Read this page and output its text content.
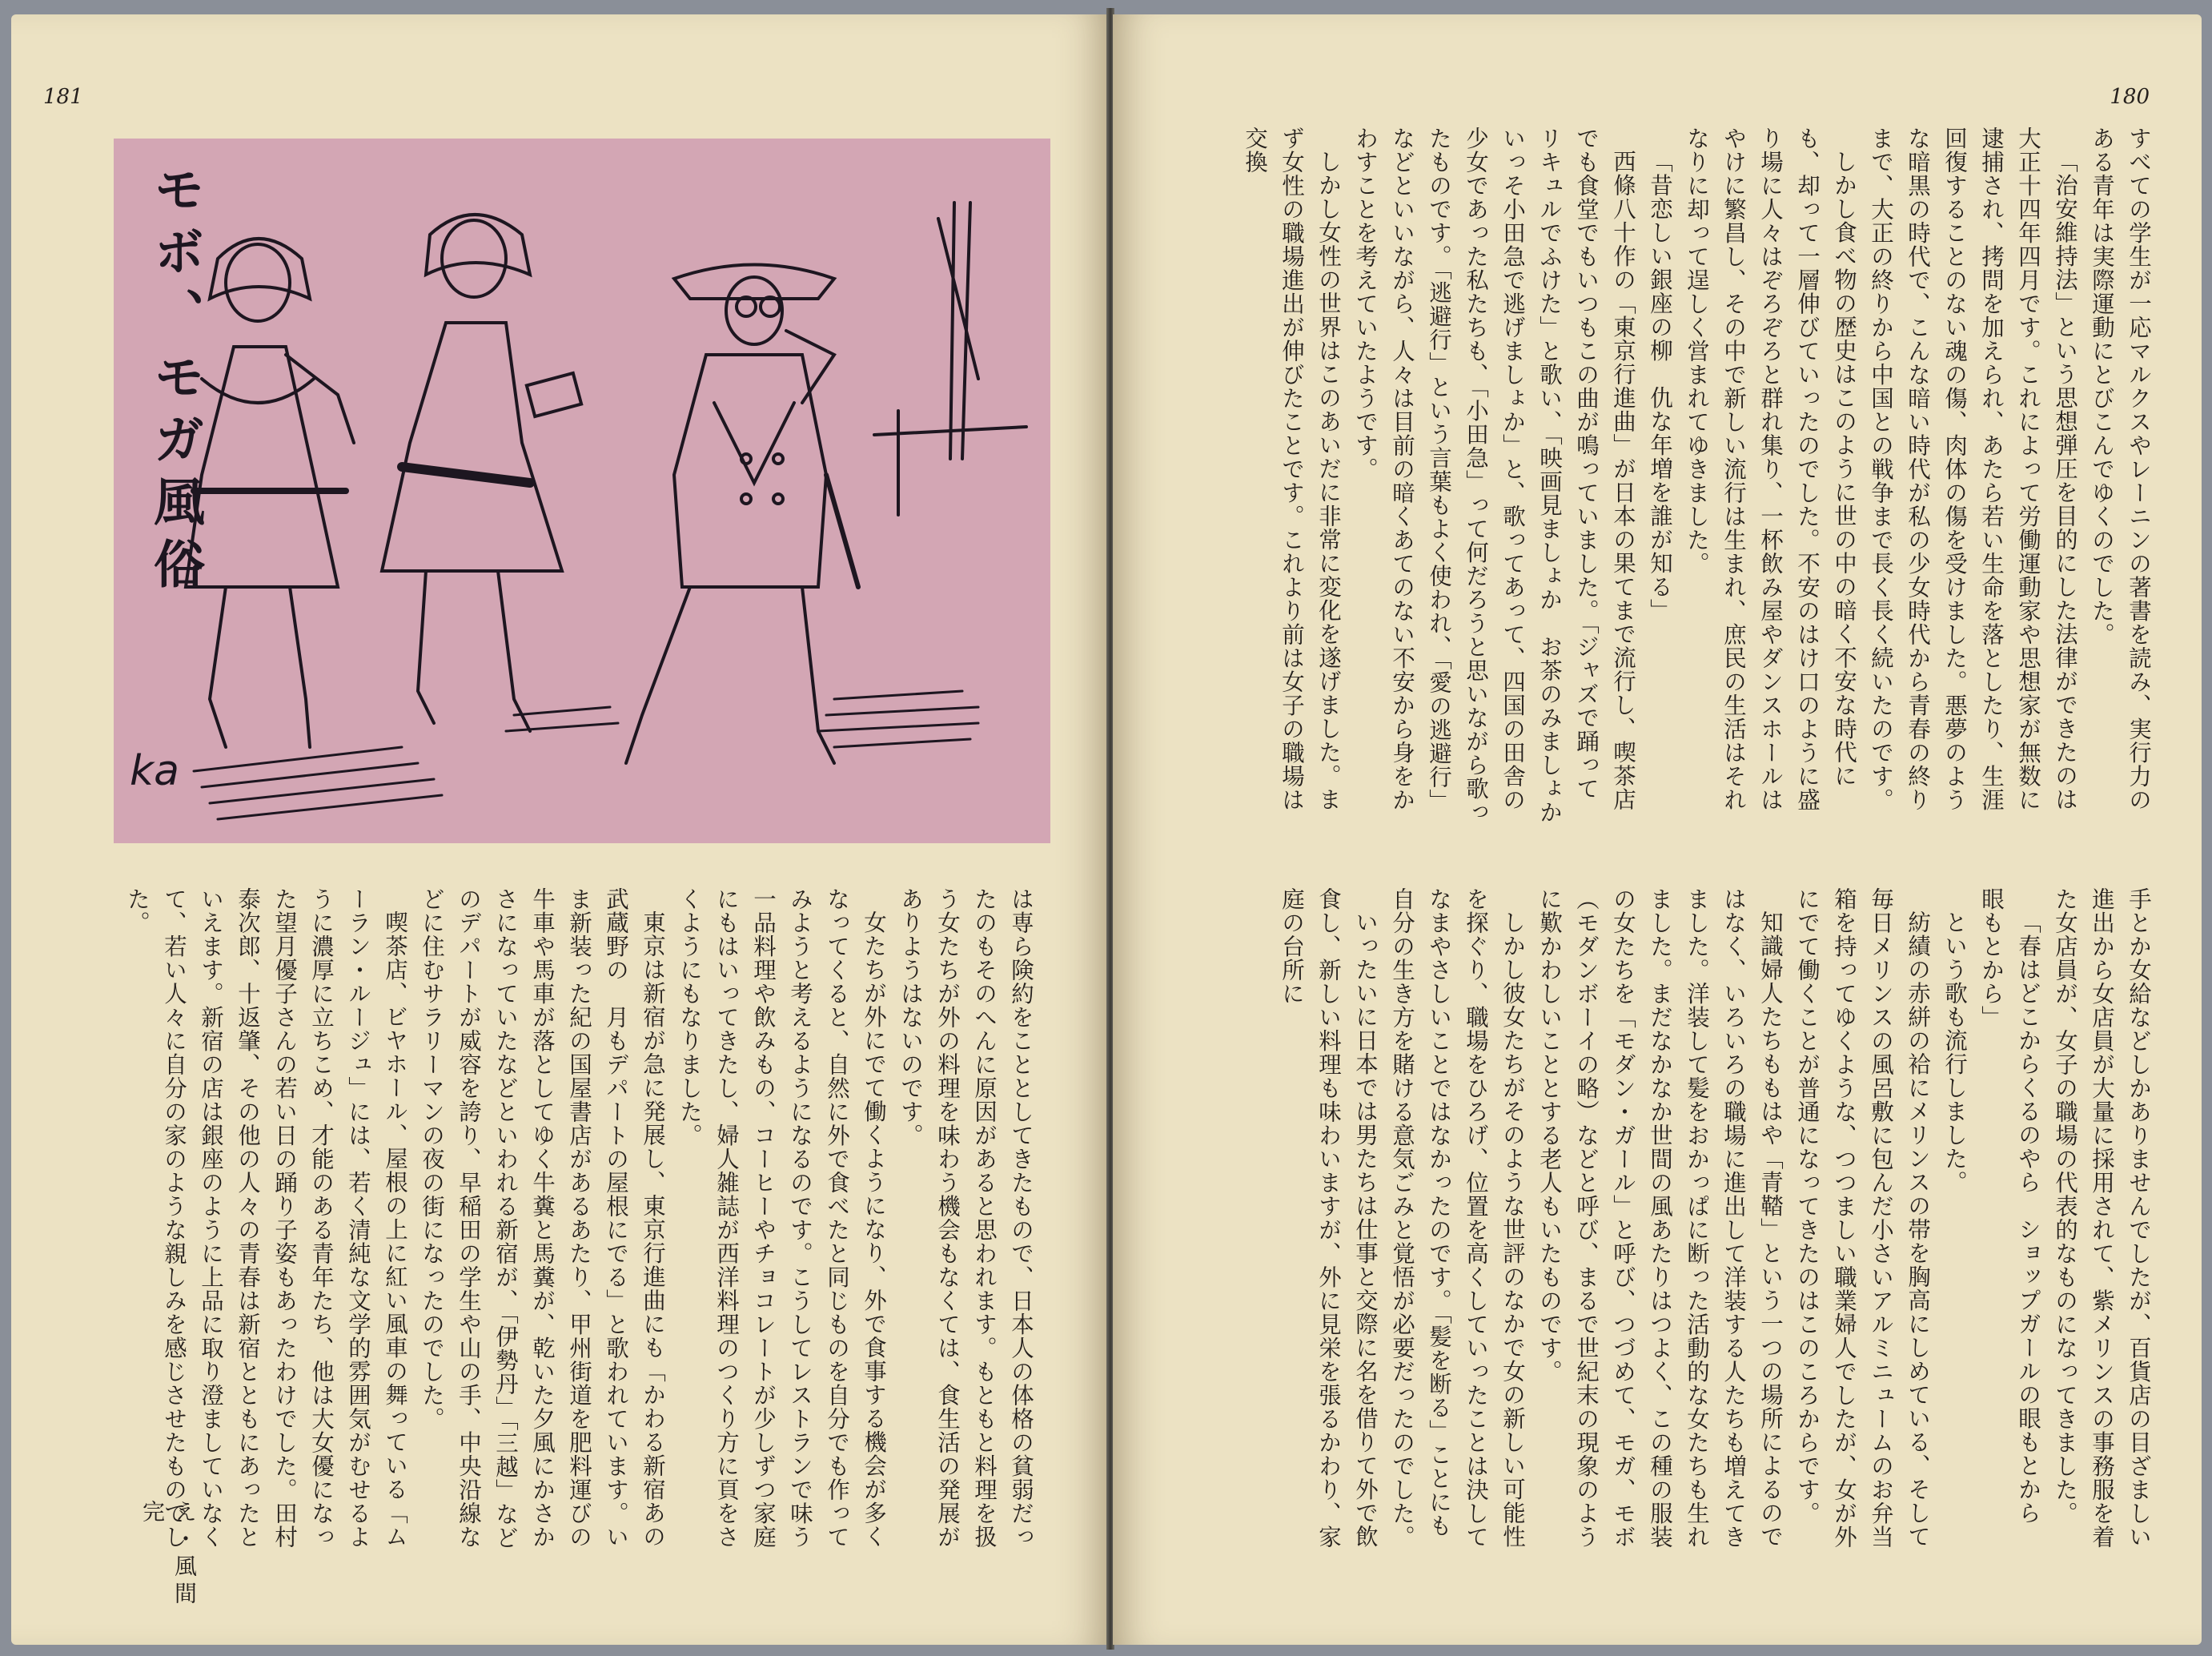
181
モボ、モガ風俗
ka

は専ら険約をこととしてきたもので、日本人の体格の貧弱だったのもそのへんに原因があると思われます。もともと料理を扱う女たちが外の料理を味わう機会もなくては、食生活の発展がありようはないのです。

女たちが外にでて働くようになり、外で食事する機会が多くなってくると、自然に外で食べたと同じものを自分でも作ってみようと考えるようになるのです。こうしてレストランで味う一品料理や飲みもの、コーヒーやチョコレートが少しずつ家庭にもはいってきたし、婦人雑誌が西洋料理のつくり方に頁をさくようにもなりました。

東京は新宿が急に発展し、東京行進曲にも「かわる新宿あの武蔵野の　月もデパートの屋根にでる」と歌われています。いま新装った紀の国屋書店があるあたり、甲州街道を肥料運びの牛車や馬車が落としてゆく牛糞と馬糞が、乾いた夕風にかさかさになっていたなどといわれる新宿が、「伊勢丹」「三越」などのデパートが威容を誇り、早稲田の学生や山の手、中央沿線などに住むサラリーマンの夜の街になったのでした。

喫茶店、ビヤホール、屋根の上に紅い風車の舞っている「ムーラン・ルージュ」には、若く清純な文学的雰囲気がむせるように濃厚に立ちこめ、才能のある青年たち、他は大女優になった望月優子さんの若い日の踊り子姿もあったわけでした。田村泰次郎、十返肇、その他の人々の青春は新宿とともにあったといえます。新宿の店は銀座のように上品に取り澄ましていなくて、若い人々に自分の家のような親しみを感じさせたものでした。

え・風間　完
180

すべての学生が一応マルクスやレーニンの著書を読み、実行力のある青年は実際運動にとびこんでゆくのでした。

「治安維持法」という思想弾圧を目的にした法律ができたのは大正十四年四月です。これによって労働運動家や思想家が無数に逮捕され、拷問を加えられ、あたら若い生命を落としたり、生涯回復することのない魂の傷、肉体の傷を受けました。悪夢のような暗黒の時代で、こんな暗い時代が私の少女時代から青春の終りまで、大正の終りから中国との戦争まで長く長く続いたのです。

しかし食べ物の歴史はこのように世の中の暗く不安な時代にも、却って一層伸びていったのでした。不安のはけ口のように盛り場に人々はぞろぞろと群れ集り、一杯飲み屋やダンスホールはやけに繁昌し、その中で新しい流行は生まれ、庶民の生活はそれなりに却って逞しく営まれてゆきました。

「昔恋しい銀座の柳　仇な年増を誰が知る」

西條八十作の「東京行進曲」が日本の果てまで流行し、喫茶店でも食堂でもいつもこの曲が鳴っていました。「ジャズで踊って　リキュルでふけた」と歌い、「映画見ましょか　お茶のみましょか　いっそ小田急で逃げましょか」と、歌ってあって、四国の田舎の少女であった私たちも、「小田急」って何だろうと思いながら歌ったものです。「逃避行」という言葉もよく使われ、「愛の逃避行」などといいながら、人々は目前の暗くあてのない不安から身をかわすことを考えていたようです。

しかし女性の世界はこのあいだに非常に変化を遂げました。まず女性の職場進出が伸びたことです。これより前は女子の職場は交換

手とか女給などしかありませんでしたが、百貨店の目ざましい進出から女店員が大量に採用されて、紫メリンスの事務服を着た女店員が、女子の職場の代表的なものになってきました。

「春はどこからくるのやら　ショップガールの眼もとから　眼もとから」

という歌も流行しました。

紡績の赤絣の袷にメリンスの帯を胸高にしめている、そして毎日メリンスの風呂敷に包んだ小さいアルミニュームのお弁当箱を持ってゆくような、つつましい職業婦人でしたが、女が外にでて働くことが普通になってきたのはこのころからです。

知識婦人たちももはや「青鞜」という一つの場所によるのではなく、いろいろの職場に進出して洋装する人たちも増えてきました。洋装して髪をおかっぱに断った活動的な女たちも生れました。まだなかなか世間の風あたりはつよく、この種の服装の女たちを「モダン・ガール」と呼び、つづめて、モガ、モボ（モダンボーイの略）などと呼び、まるで世紀末の現象のように歎かわしいこととする老人もいたものです。

しかし彼女たちがそのような世評のなかで女の新しい可能性を探ぐり、職場をひろげ、位置を高くしていったことは決してなまやさしいことではなかったのです。「髪を断る」ことにも自分の生き方を賭ける意気ごみと覚悟が必要だったのでした。

いったいに日本では男たちは仕事と交際に名を借りて外で飲食し、新しい料理も味わいますが、外に見栄を張るかわり、家庭の台所に
